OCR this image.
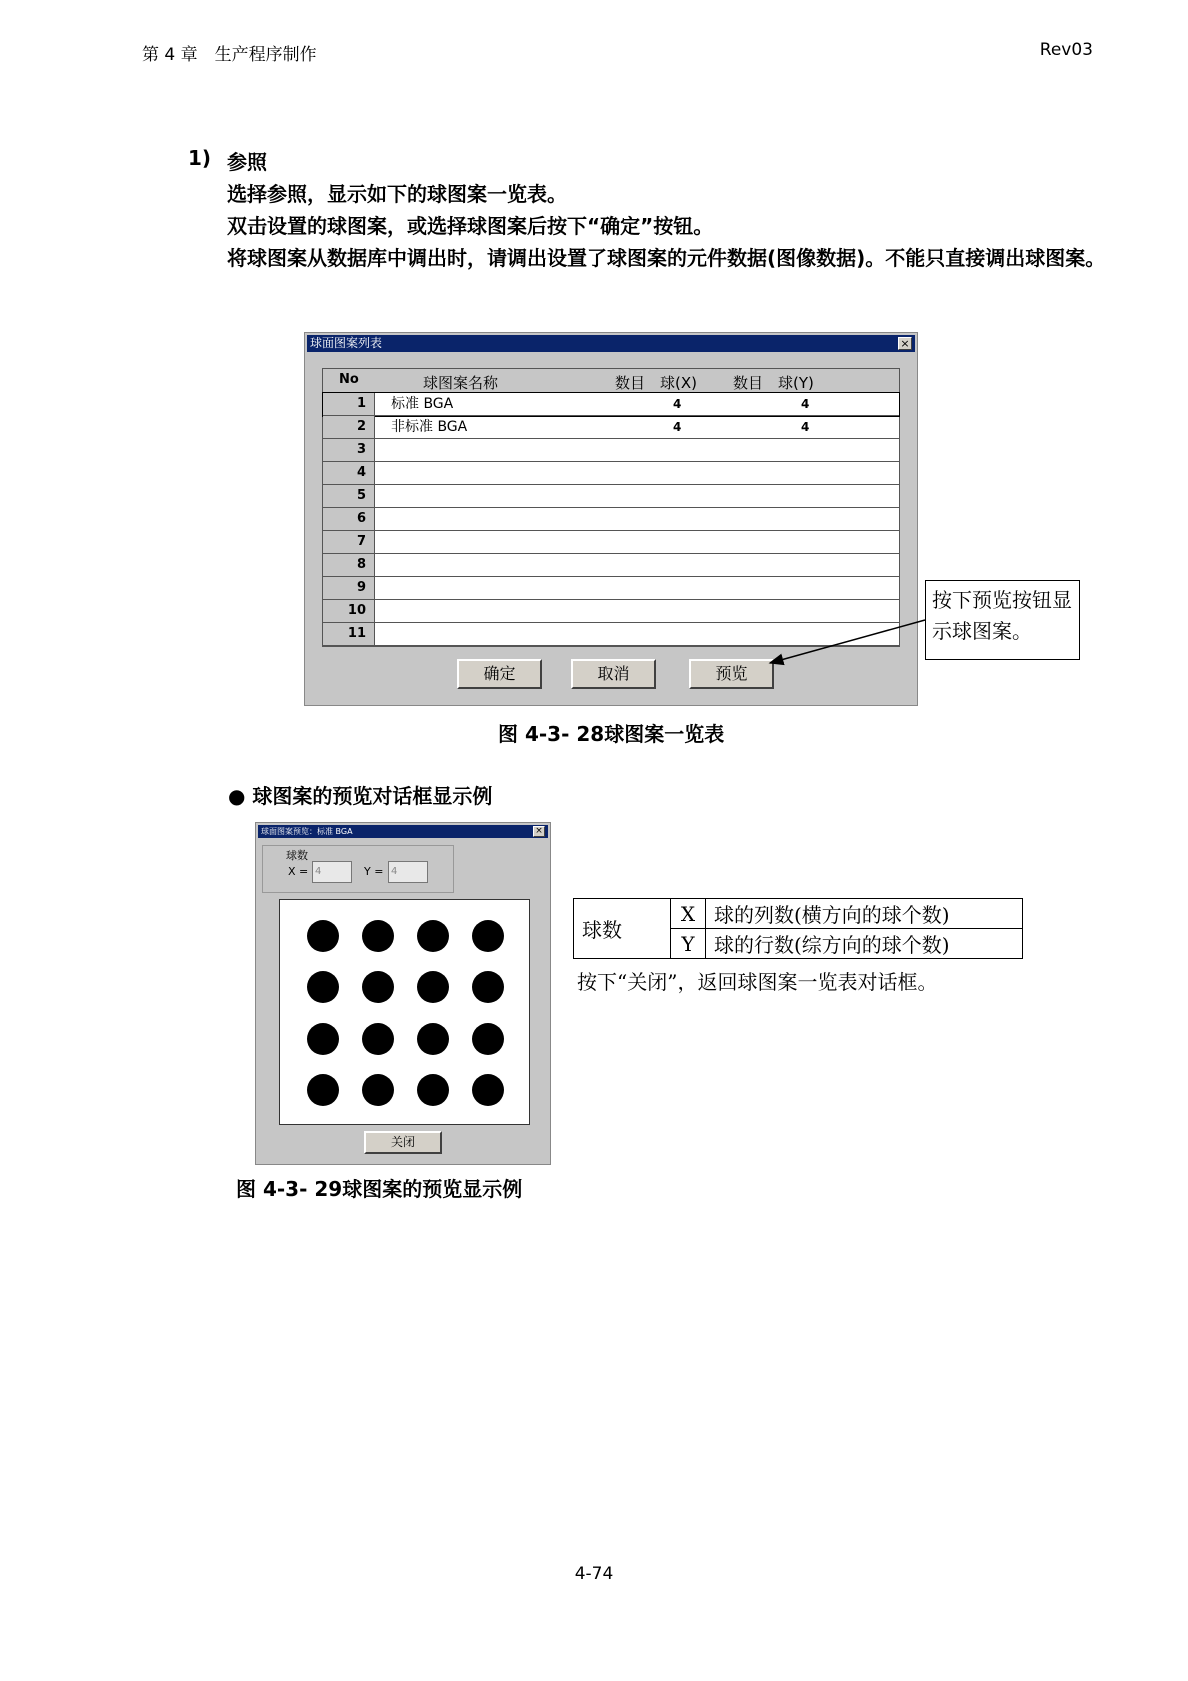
第 4 章　生产程序制作	Rev03
1) 参照
选择参照，显示如下的球图案一览表。
双击设置的球图案，或选择球图案后按下“确定”按钮。
将球图案从数据库中调出时，请调出设置了球图案的元件数据(图像数据)。不能只直接调出球图案。
球面图案列表	×
No	球图案名称	数目　球(X) 数目　球(Y)
1	标准 BGA	4	4
2	非标准 BGA	4	4
3
4
5
6
7
8
9
10
11
确定	取消	预览
按下预览按钮显示球图案。
图 4-3- 28球图案一览表
● 球图案的预览对话框显示例
球面图案预览：标准 BGA	×
球数
X = 4	Y = 4
关闭
球数	X	球的列数(横方向的球个数)
	Y	球的行数(综方向的球个数)
按下“关闭”，返回球图案一览表对话框。
图 4-3- 29球图案的预览显示例
4-74
